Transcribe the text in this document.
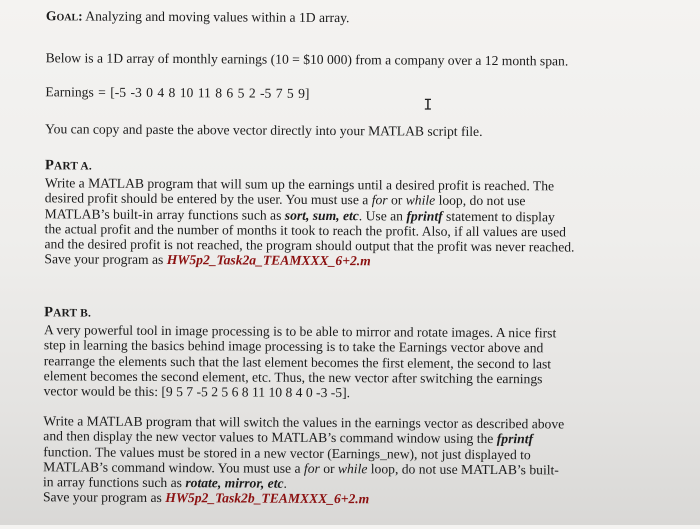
Goal: Analyzing and moving values within a 1D array.
Below is a 1D array of monthly earnings (10 = $10 000) from a company over a 12 month span.
Earnings = [-5 -3 0 4 8 10 11 8 6 5 2 -5 7 5 9]
I
You can copy and paste the above vector directly into your MATLAB script file.
PART A.
Write a MATLAB program that will sum up the earnings until a desired profit is reached. The
desired profit should be entered by the user. You must use a for or while loop, do not use
MATLAB’s built-in array functions such as sort, sum, etc. Use an fprintf statement to display
the actual profit and the number of months it took to reach the profit. Also, if all values are used
and the desired profit is not reached, the program should output that the profit was never reached.
Save your program as HW5p2_Task2a_TEAMXXX_6+2.m
PART B.
A very powerful tool in image processing is to be able to mirror and rotate images. A nice first
step in learning the basics behind image processing is to take the Earnings vector above and
rearrange the elements such that the last element becomes the first element, the second to last
element becomes the second element, etc. Thus, the new vector after switching the earnings
vector would be this: [9 5 7 -5 2 5 6 8 11 10 8 4 0 -3 -5].
Write a MATLAB program that will switch the values in the earnings vector as described above
and then display the new vector values to MATLAB’s command window using the fprintf
function. The values must be stored in a new vector (Earnings_new), not just displayed to
MATLAB’s command window. You must use a for or while loop, do not use MATLAB’s built-
in array functions such as rotate, mirror, etc.
Save your program as HW5p2_Task2b_TEAMXXX_6+2.m
